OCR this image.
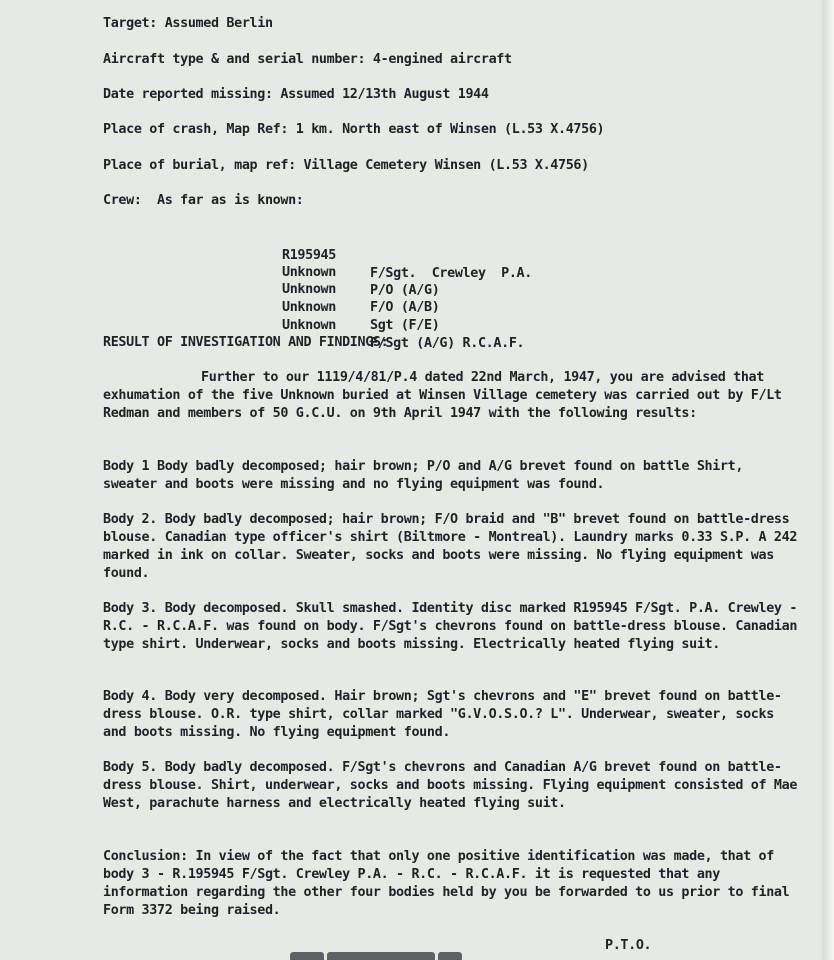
Target: Assumed Berlin
Aircraft type & and serial number: 4-engined aircraft
Date reported missing: Assumed 12/13th August 1944
Place of crash, Map Ref: 1 km. North east of Winsen (L.53 X.4756)
Place of burial, map ref: Village Cemetery Winsen (L.53 X.4756)
Crew:  As far as is known:

R195945

F/Sgt.  Crewley  P.A.

Unknown

P/O (A/G)

Unknown

F/O (A/B)

Unknown

Sgt (F/E)

Unknown

F/Sgt (A/G) R.C.A.F.

RESULT OF INVESTIGATION AND FINDINGS:
Further to our 1119/4/81/P.4 dated 22nd March, 1947, you are advised that exhumation of the five Unknown buried at Winsen Village cemetery was carried out by F/Lt Redman and members of 50 G.C.U. on 9th April 1947 with the following results:
Body 1 Body badly decomposed; hair brown; P/O and A/G brevet found on battle Shirt, sweater and boots were missing and no flying equipment was found.
Body 2. Body badly decomposed; hair brown; F/O braid and "B" brevet found on battle-dress blouse. Canadian type officer's shirt (Biltmore - Montreal). Laundry marks 0.33 S.P. A 242 marked in ink on collar. Sweater, socks and boots were missing. No flying equipment was found.
Body 3. Body decomposed. Skull smashed. Identity disc marked R195945 F/Sgt. P.A. Crewley - R.C. - R.C.A.F. was found on body. F/Sgt's chevrons found on battle-dress blouse. Canadian type shirt. Underwear, socks and boots missing. Electrically heated flying suit.
Body 4. Body very decomposed. Hair brown; Sgt's chevrons and "E" brevet found on battle-dress blouse. O.R. type shirt, collar marked "G.V.O.S.O.? L". Underwear, sweater, socks and boots missing. No flying equipment found.
Body 5. Body badly decomposed. F/Sgt's chevrons and Canadian A/G brevet found on battle-dress blouse. Shirt, underwear, socks and boots missing. Flying equipment consisted of Mae West, parachute harness and electrically heated flying suit.
Conclusion: In view of the fact that only one positive identification was made, that of body 3 - R.195945 F/Sgt. Crewley P.A. - R.C. - R.C.A.F. it is requested that any information regarding the other four bodies held by you be forwarded to us prior to final Form 3372 being raised.
P.T.O.
